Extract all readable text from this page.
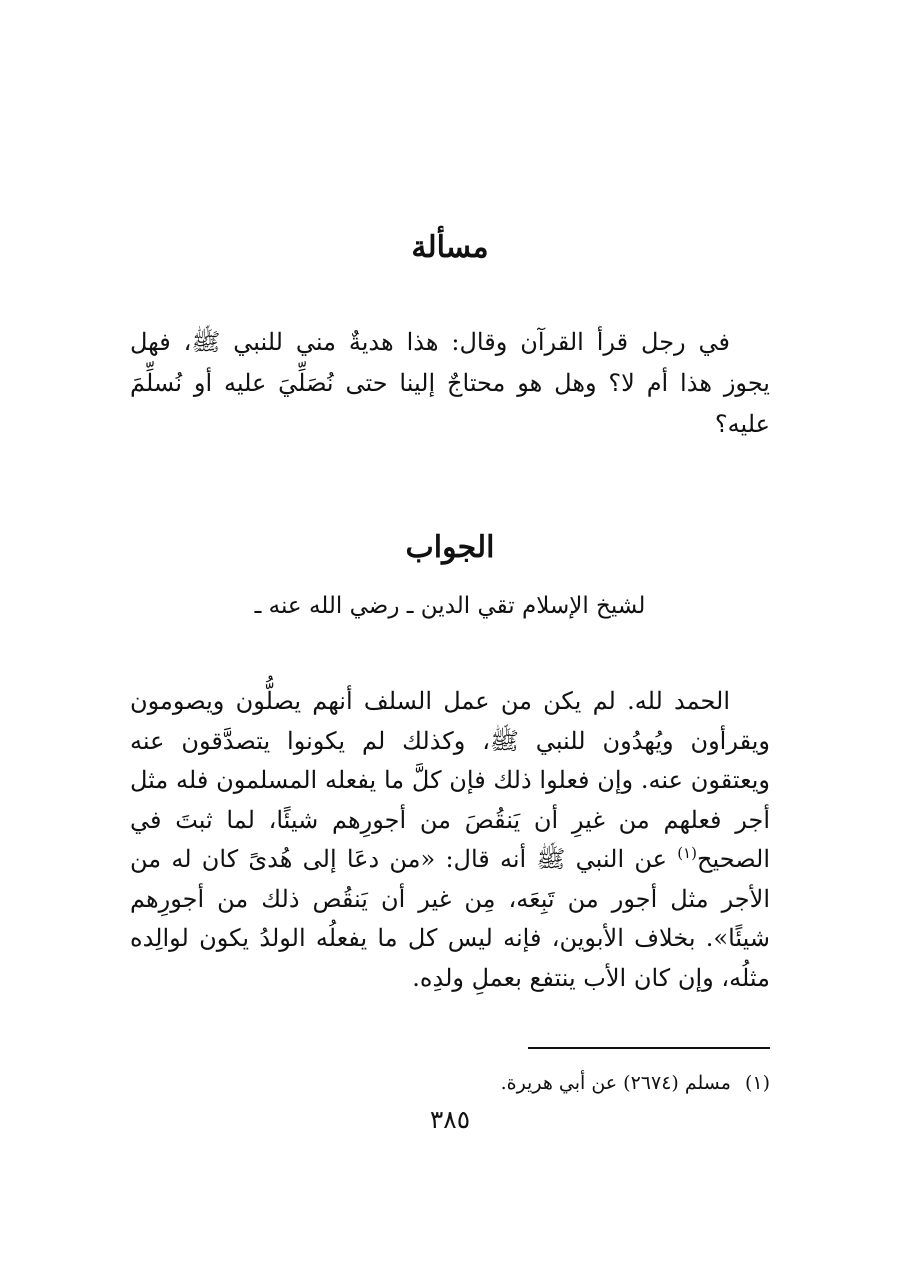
مسألة
في رجل قرأ القرآن وقال: هذا هديةٌ مني للنبي ﷺ، فهل
يجوز هذا أم لا؟ وهل هو محتاجٌ إلينا حتى نُصَلِّيَ عليه أو نُسلِّمَ
عليه؟
الجواب
لشيخ الإسلام تقي الدين ـ رضي الله عنه ـ
الحمد لله. لم يكن من عمل السلف أنهم يصلُّون ويصومون
ويقرأون ويُهدُون للنبي ﷺ، وكذلك لم يكونوا يتصدَّقون عنه
ويعتقون عنه. وإن فعلوا ذلك فإن كلَّ ما يفعله المسلمون فله مثل
أجر فعلهم من غيرِ أن يَنقُصَ من أجورِهم شيئًا، لما ثبتَ في
الصحيح$^{(١)}$ عن النبي ﷺ أنه قال: «من دعَا إلى هُدىً كان له من
الأجر مثل أجور من تَبِعَه، مِن غير أن يَنقُص ذلك من أجورِهم
شيئًا». بخلاف الأبوين، فإنه ليس كل ما يفعلُه الولدُ يكون لوالِده
مثلُه، وإن كان الأب ينتفع بعملِ ولدِه.
(١)مسلم (٢٦٧٤) عن أبي هريرة.
٣٨٥
